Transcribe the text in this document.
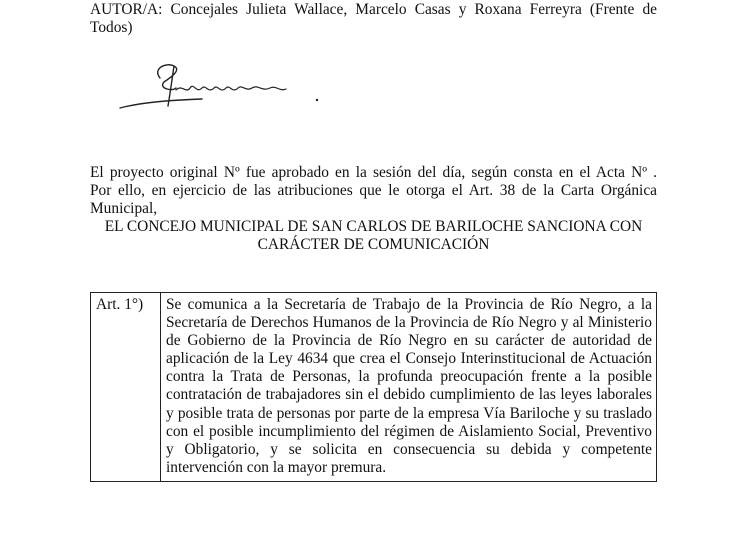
AUTOR/A: Concejales Julieta Wallace, Marcelo Casas y Roxana Ferreyra (Frente de
Todos)
El proyecto original Nº fue aprobado en la sesión del día, según consta en el Acta Nº .
Por ello, en ejercicio de las atribuciones que le otorga el Art. 38 de la Carta Orgánica
Municipal,
EL CONCEJO MUNICIPAL DE SAN CARLOS DE BARILOCHE SANCIONA CON
CARÁCTER DE COMUNICACIÓN
Art. 1°)	Se comunica a la Secretaría de Trabajo de la Provincia de Río Negro, a la Secretaría de Derechos Humanos de la Provincia de Río Negro y al Ministerio de Gobierno de la Provincia de Río Negro en su carácter de autoridad de aplicación de la Ley 4634 que crea el Consejo Interinstitucional de Actuación contra la Trata de Personas, la profunda preocupación frente a la posible contratación de trabajadores sin el debido cumplimiento de las leyes laborales y posible trata de personas por parte de la empresa Vía Bariloche y su traslado con el posible incumplimiento del régimen de Aislamiento Social, Preventivo y Obligatorio, y se solicita en consecuencia su debida y competente intervención con la mayor premura.
